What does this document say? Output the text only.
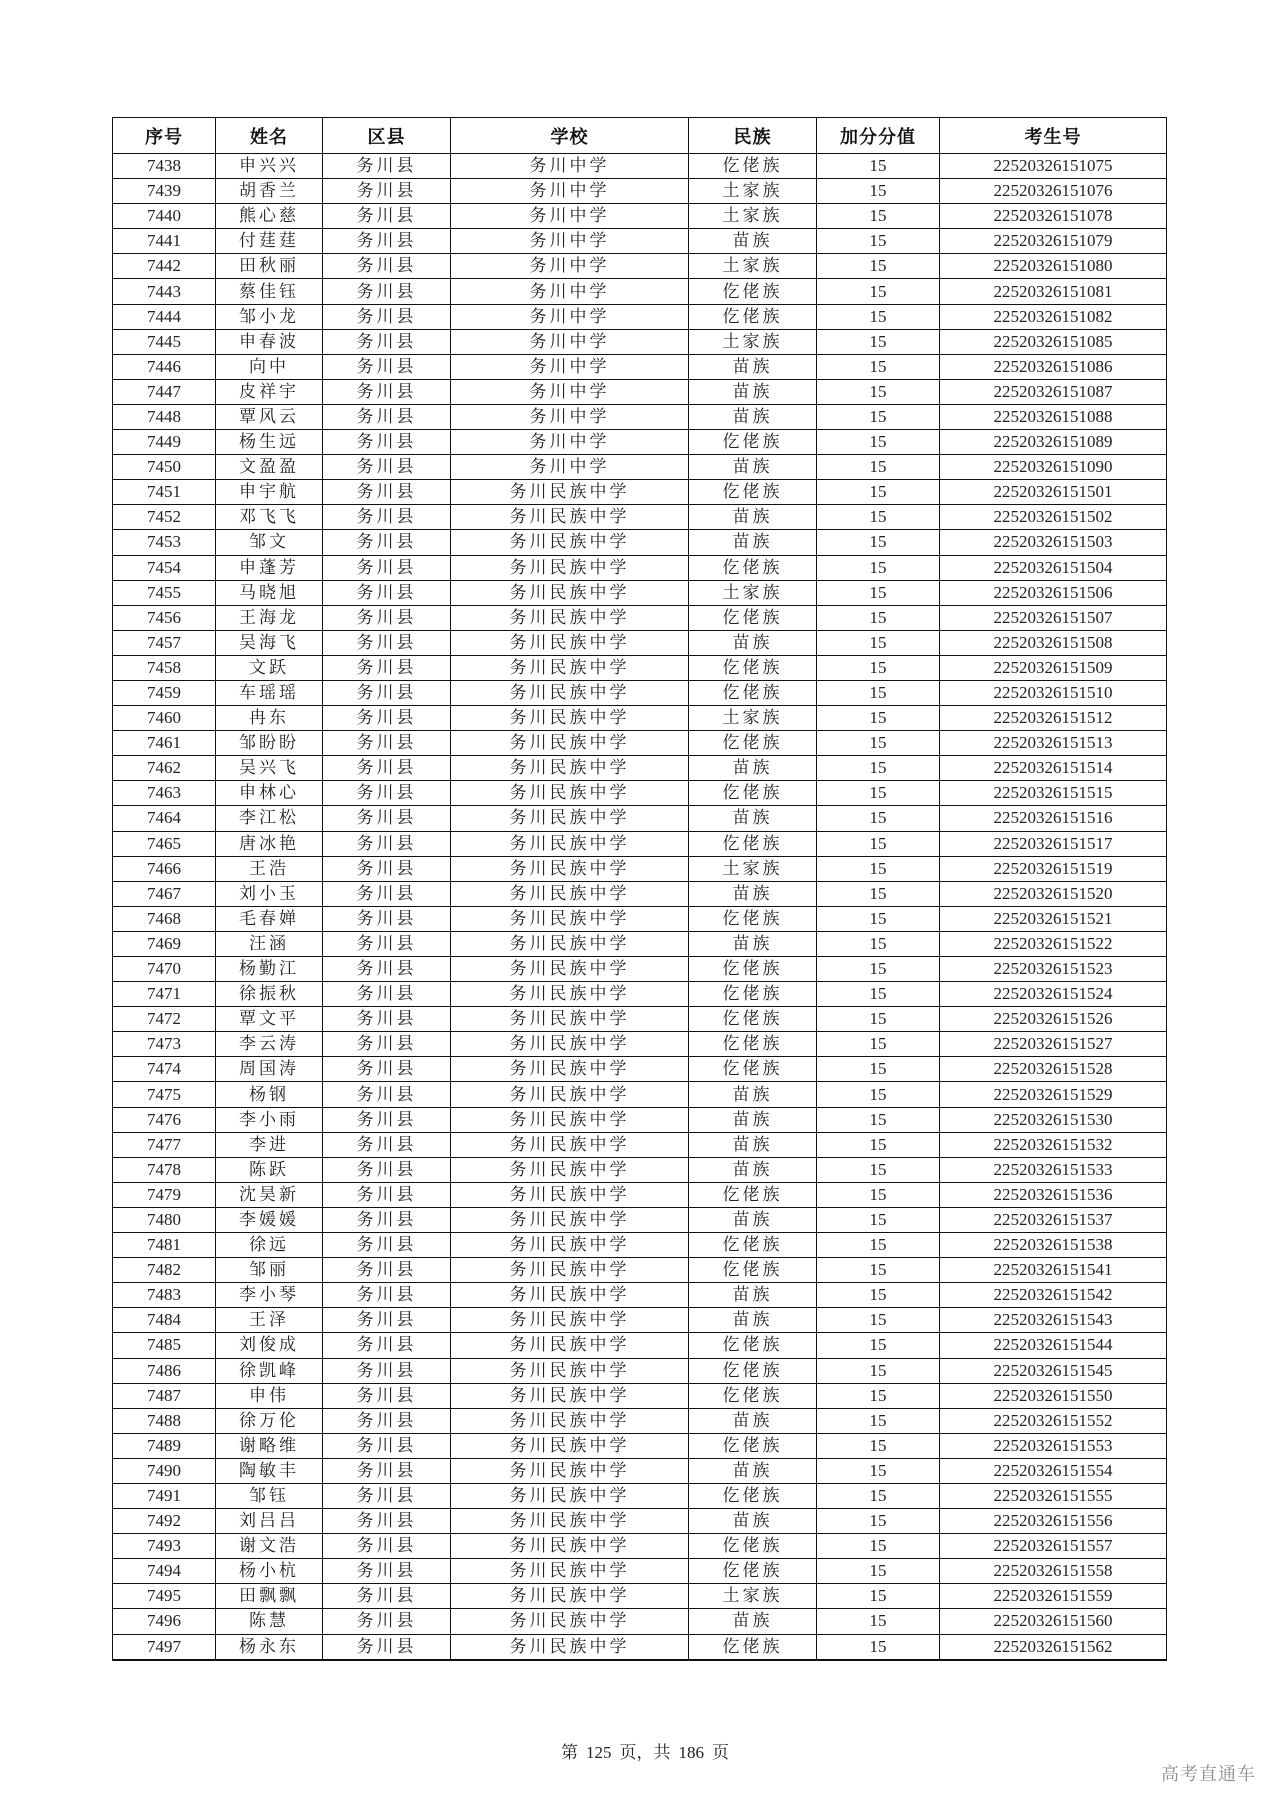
序号	姓名	区县	学校	民族	加分分值	考生号
7438	申兴兴	务川县	务川中学	仡佬族	15	22520326151075
7439	胡香兰	务川县	务川中学	土家族	15	22520326151076
7440	熊心慈	务川县	务川中学	土家族	15	22520326151078
7441	付莛莛	务川县	务川中学	苗族	15	22520326151079
7442	田秋丽	务川县	务川中学	土家族	15	22520326151080
7443	蔡佳钰	务川县	务川中学	仡佬族	15	22520326151081
7444	邹小龙	务川县	务川中学	仡佬族	15	22520326151082
7445	申春波	务川县	务川中学	土家族	15	22520326151085
7446	向中	务川县	务川中学	苗族	15	22520326151086
7447	皮祥宇	务川县	务川中学	苗族	15	22520326151087
7448	覃风云	务川县	务川中学	苗族	15	22520326151088
7449	杨生远	务川县	务川中学	仡佬族	15	22520326151089
7450	文盈盈	务川县	务川中学	苗族	15	22520326151090
7451	申宇航	务川县	务川民族中学	仡佬族	15	22520326151501
7452	邓飞飞	务川县	务川民族中学	苗族	15	22520326151502
7453	邹文	务川县	务川民族中学	苗族	15	22520326151503
7454	申蓬芳	务川县	务川民族中学	仡佬族	15	22520326151504
7455	马晓旭	务川县	务川民族中学	土家族	15	22520326151506
7456	王海龙	务川县	务川民族中学	仡佬族	15	22520326151507
7457	吴海飞	务川县	务川民族中学	苗族	15	22520326151508
7458	文跃	务川县	务川民族中学	仡佬族	15	22520326151509
7459	车瑶瑶	务川县	务川民族中学	仡佬族	15	22520326151510
7460	冉东	务川县	务川民族中学	土家族	15	22520326151512
7461	邹盼盼	务川县	务川民族中学	仡佬族	15	22520326151513
7462	吴兴飞	务川县	务川民族中学	苗族	15	22520326151514
7463	申林心	务川县	务川民族中学	仡佬族	15	22520326151515
7464	李江松	务川县	务川民族中学	苗族	15	22520326151516
7465	唐冰艳	务川县	务川民族中学	仡佬族	15	22520326151517
7466	王浩	务川县	务川民族中学	土家族	15	22520326151519
7467	刘小玉	务川县	务川民族中学	苗族	15	22520326151520
7468	毛春婵	务川县	务川民族中学	仡佬族	15	22520326151521
7469	汪涵	务川县	务川民族中学	苗族	15	22520326151522
7470	杨勤江	务川县	务川民族中学	仡佬族	15	22520326151523
7471	徐振秋	务川县	务川民族中学	仡佬族	15	22520326151524
7472	覃文平	务川县	务川民族中学	仡佬族	15	22520326151526
7473	李云涛	务川县	务川民族中学	仡佬族	15	22520326151527
7474	周国涛	务川县	务川民族中学	仡佬族	15	22520326151528
7475	杨钢	务川县	务川民族中学	苗族	15	22520326151529
7476	李小雨	务川县	务川民族中学	苗族	15	22520326151530
7477	李进	务川县	务川民族中学	苗族	15	22520326151532
7478	陈跃	务川县	务川民族中学	苗族	15	22520326151533
7479	沈昊新	务川县	务川民族中学	仡佬族	15	22520326151536
7480	李媛媛	务川县	务川民族中学	苗族	15	22520326151537
7481	徐远	务川县	务川民族中学	仡佬族	15	22520326151538
7482	邹丽	务川县	务川民族中学	仡佬族	15	22520326151541
7483	李小琴	务川县	务川民族中学	苗族	15	22520326151542
7484	王泽	务川县	务川民族中学	苗族	15	22520326151543
7485	刘俊成	务川县	务川民族中学	仡佬族	15	22520326151544
7486	徐凯峰	务川县	务川民族中学	仡佬族	15	22520326151545
7487	申伟	务川县	务川民族中学	仡佬族	15	22520326151550
7488	徐万伦	务川县	务川民族中学	苗族	15	22520326151552
7489	谢略维	务川县	务川民族中学	仡佬族	15	22520326151553
7490	陶敏丰	务川县	务川民族中学	苗族	15	22520326151554
7491	邹钰	务川县	务川民族中学	仡佬族	15	22520326151555
7492	刘吕吕	务川县	务川民族中学	苗族	15	22520326151556
7493	谢文浩	务川县	务川民族中学	仡佬族	15	22520326151557
7494	杨小杭	务川县	务川民族中学	仡佬族	15	22520326151558
7495	田飘飘	务川县	务川民族中学	土家族	15	22520326151559
7496	陈慧	务川县	务川民族中学	苗族	15	22520326151560
7497	杨永东	务川县	务川民族中学	仡佬族	15	22520326151562
第 125 页，共 186 页
高考直通车
